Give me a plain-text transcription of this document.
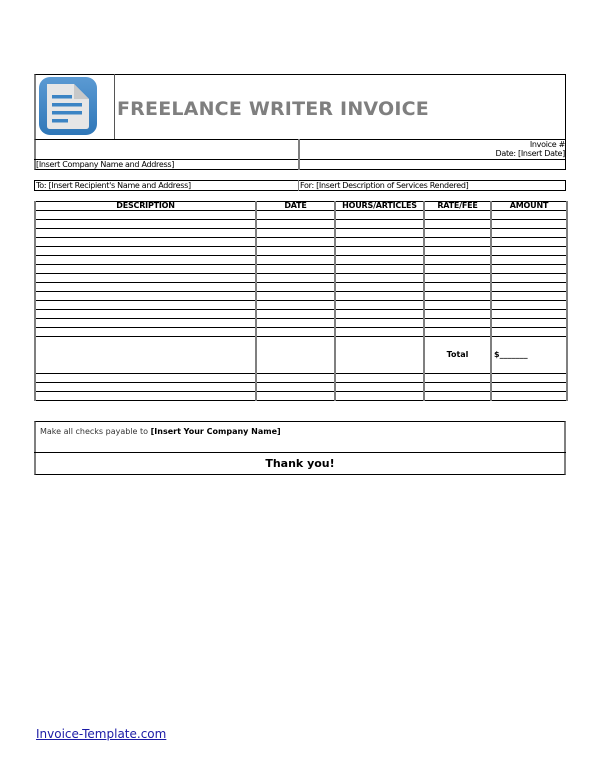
FREELANCE WRITER INVOICE
Invoice #
Date: [Insert Date]
[Insert Company Name and Address]
To: [Insert Recipient's Name and Address]	For: [Insert Description of Services Rendered]
DESCRIPTION	DATE	HOURS/ARTICLES	RATE/FEE	AMOUNT

			Total	$_______

Make all checks payable to [Insert Your Company Name]
Thank you!
Invoice-Template.com
